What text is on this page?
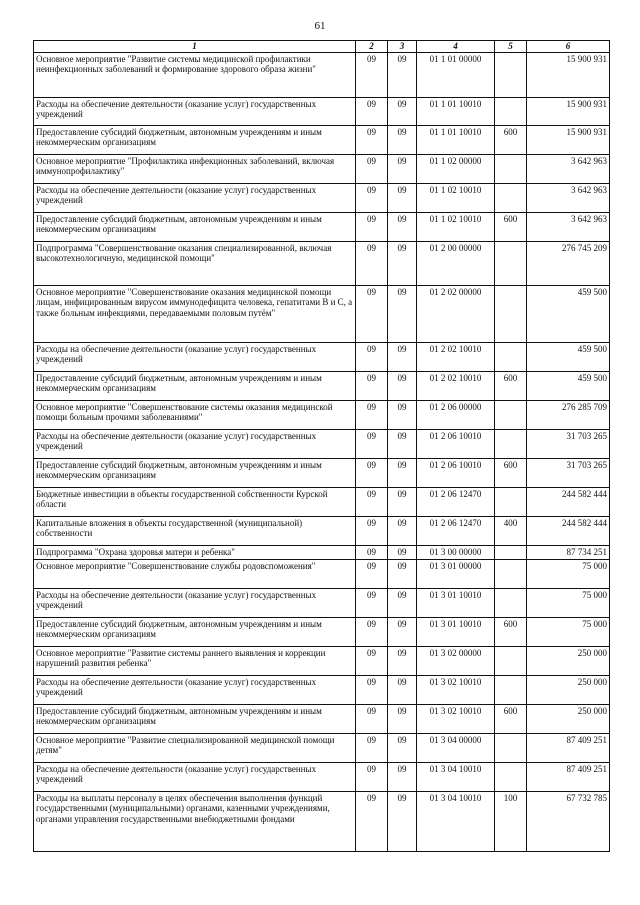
61
1	2	3	4	5	6
Основное мероприятие "Развитие системы медицинской профилактики неинфекционных заболеваний и формирование здорового образа жизни"	09	09	01 1 01 00000		15 900 931
Расходы на обеспечение деятельности (оказание услуг) государственных учреждений	09	09	01 1 01 10010		15 900 931
Предоставление субсидий бюджетным, автономным учреждениям и иным некоммерческим организациям	09	09	01 1 01 10010	600	15 900 931
Основное мероприятие "Профилактика инфекционных заболеваний, включая иммунопрофилактику"	09	09	01 1 02 00000		3 642 963
Расходы на обеспечение деятельности (оказание услуг) государственных учреждений	09	09	01 1 02 10010		3 642 963
Предоставление субсидий бюджетным, автономным учреждениям и иным некоммерческим организациям	09	09	01 1 02 10010	600	3 642 963
Подпрограмма "Совершенствование оказания специализированной, включая высокотехнологичную, медицинской помощи"	09	09	01 2 00 00000		276 745 209
Основное мероприятие "Совершенствование оказания медицинской помощи лицам, инфицированным вирусом иммунодефицита человека, гепатитами В и С, а также больным инфекциями, передаваемыми половым путём"	09	09	01 2 02 00000		459 500
Расходы на обеспечение деятельности (оказание услуг) государственных учреждений	09	09	01 2 02 10010		459 500
Предоставление субсидий бюджетным, автономным учреждениям и иным некоммерческим организациям	09	09	01 2 02 10010	600	459 500
Основное мероприятие "Совершенствование системы оказания медицинской помощи больным прочими заболеваниями"	09	09	01 2 06 00000		276 285 709
Расходы на обеспечение деятельности (оказание услуг) государственных учреждений	09	09	01 2 06 10010		31 703 265
Предоставление субсидий бюджетным, автономным учреждениям и иным некоммерческим организациям	09	09	01 2 06 10010	600	31 703 265
Бюджетные инвестиции в объекты государственной собственности Курской области	09	09	01 2 06 12470		244 582 444
Капитальные вложения в объекты государственной (муниципальной) собственности	09	09	01 2 06 12470	400	244 582 444
Подпрограмма "Охрана здоровья матери и ребенка"	09	09	01 3 00 00000		87 734 251
Основное мероприятие "Совершенствование службы родовспоможения"	09	09	01 3 01 00000		75 000
Расходы на обеспечение деятельности (оказание услуг) государственных учреждений	09	09	01 3 01 10010		75 000
Предоставление субсидий бюджетным, автономным учреждениям и иным некоммерческим организациям	09	09	01 3 01 10010	600	75 000
Основное мероприятие "Развитие системы раннего выявления и коррекции нарушений развития ребенка"	09	09	01 3 02 00000		250 000
Расходы на обеспечение деятельности (оказание услуг) государственных учреждений	09	09	01 3 02 10010		250 000
Предоставление субсидий бюджетным, автономным учреждениям и иным некоммерческим организациям	09	09	01 3 02 10010	600	250 000
Основное мероприятие "Развитие специализированной медицинской помощи детям"	09	09	01 3 04 00000		87 409 251
Расходы на обеспечение деятельности (оказание услуг) государственных учреждений	09	09	01 3 04 10010		87 409 251
Расходы на выплаты персоналу в целях обеспечения выполнения функций государственными (муниципальными) органами, казенными учреждениями, органами управления государственными внебюджетными фондами	09	09	01 3 04 10010	100	67 732 785
